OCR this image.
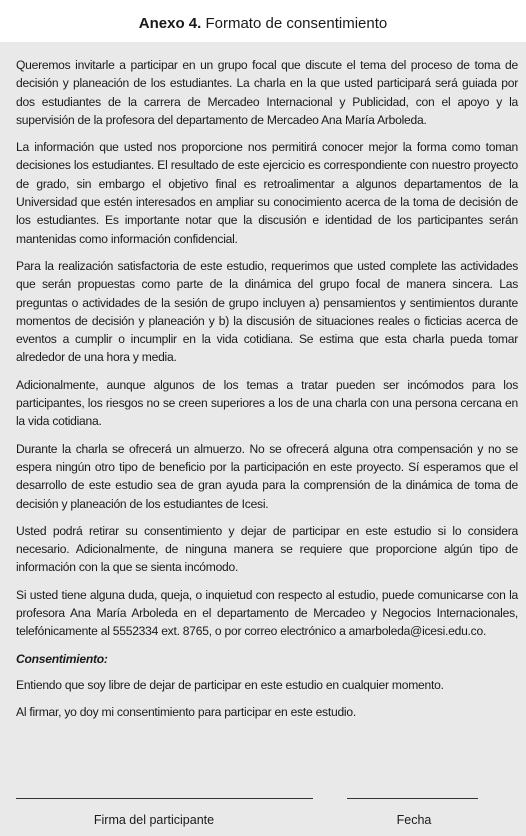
Anexo 4. Formato de consentimiento

Queremos invitarle a participar en un grupo focal que discute el tema del proceso de toma de decisión y planeación de los estudiantes. La charla en la que usted participará será guiada por dos estudiantes de la carrera de Mercadeo Internacional y Publicidad, con el apoyo y la supervisión de la profesora del departamento de Mercadeo Ana María Arboleda.

La información que usted nos proporcione nos permitirá conocer mejor la forma como toman decisiones los estudiantes. El resultado de este ejercicio es correspondiente con nuestro proyecto de grado, sin embargo el objetivo final es retroalimentar a algunos departamentos de la Universidad que estén interesados en ampliar su conocimiento acerca de la toma de decisión de los estudiantes. Es importante notar que la discusión e identidad de los participantes serán mantenidas como información confidencial.

Para la realización satisfactoria de este estudio, requerimos que usted complete las actividades que serán propuestas como parte de la dinámica del grupo focal de manera sincera. Las preguntas o actividades de la sesión de grupo incluyen a) pensamientos y sentimientos durante momentos de decisión y planeación y b) la discusión de situaciones reales o ficticias acerca de eventos a cumplir o incumplir en la vida cotidiana. Se estima que esta charla pueda tomar alrededor de una hora y media.

Adicionalmente, aunque algunos de los temas a tratar pueden ser incómodos para los participantes, los riesgos no se creen superiores a los de una charla con una persona cercana en la vida cotidiana.

Durante la charla se ofrecerá un almuerzo. No se ofrecerá alguna otra compensación y no se espera ningún otro tipo de beneficio por la participación en este proyecto. Sí esperamos que el desarrollo de este estudio sea de gran ayuda para la comprensión de la dinámica de toma de decisión y planeación de los estudiantes de Icesi.

Usted podrá retirar su consentimiento y dejar de participar en este estudio si lo considera necesario. Adicionalmente, de ninguna manera se requiere que proporcione algún tipo de información con la que se sienta incómodo.

Si usted tiene alguna duda, queja, o inquietud con respecto al estudio, puede comunicarse con la profesora Ana María Arboleda en el departamento de Mercadeo y Negocios Internacionales, telefónicamente al 5552334 ext. 8765, o por correo electrónico a amarboleda@icesi.edu.co.

Consentimiento:

Entiendo que soy libre de dejar de participar en este estudio en cualquier momento.

Al firmar, yo doy mi consentimiento para participar en este estudio.

Firma del participante	Fecha
